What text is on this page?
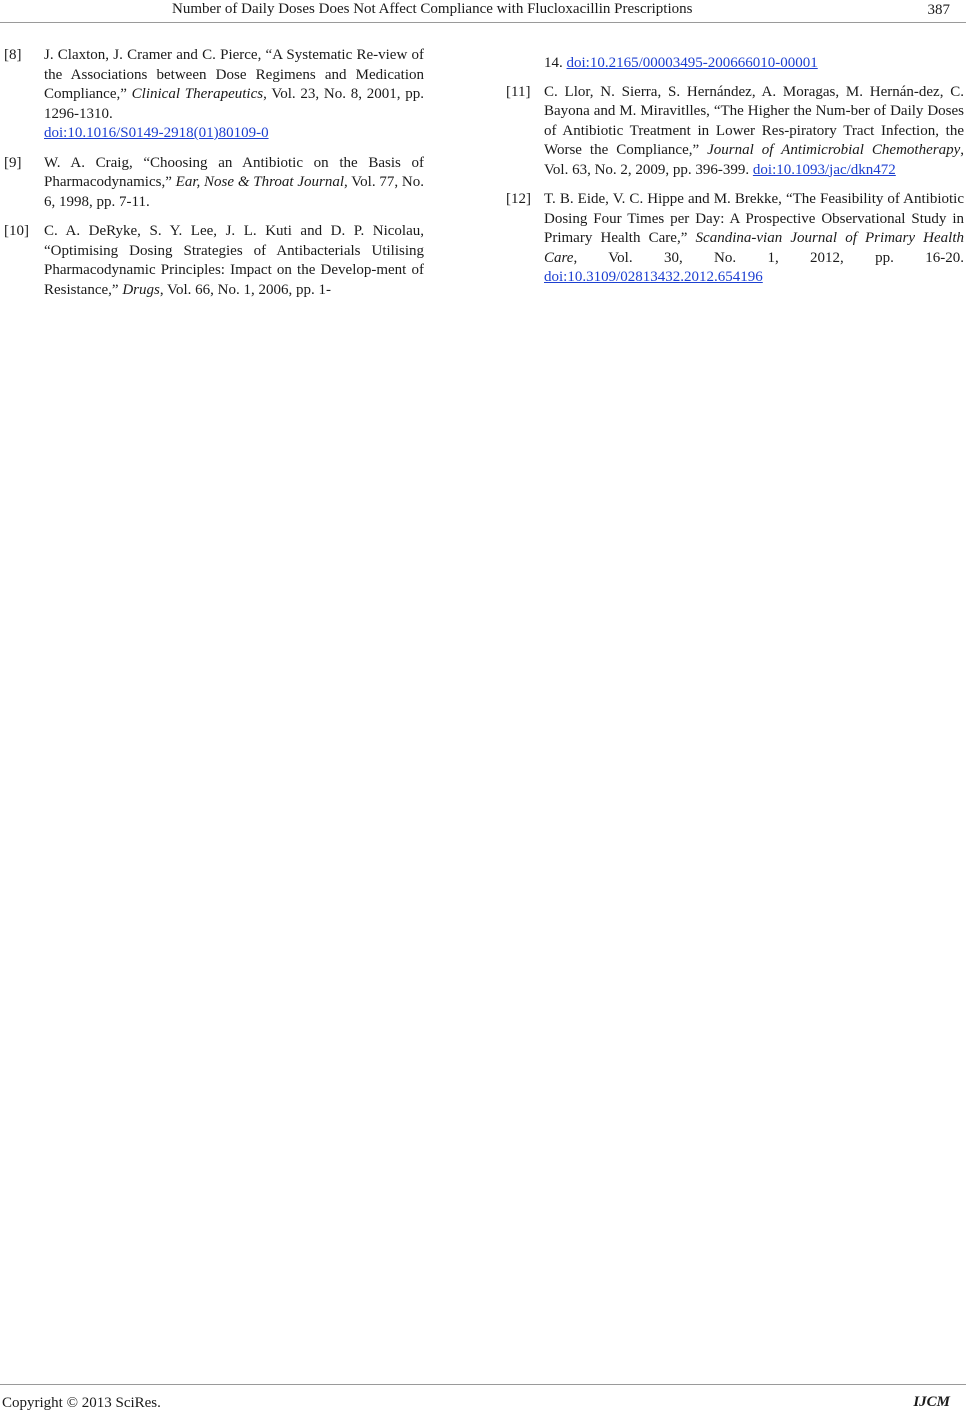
Number of Daily Doses Does Not Affect Compliance with Flucloxacillin Prescriptions	387
[8] J. Claxton, J. Cramer and C. Pierce, “A Systematic Re-view of the Associations between Dose Regimens and Medication Compliance,” Clinical Therapeutics, Vol. 23, No. 8, 2001, pp. 1296-1310.
doi:10.1016/S0149-2918(01)80109-0
[9] W. A. Craig, “Choosing an Antibiotic on the Basis of Pharmacodynamics,” Ear, Nose & Throat Journal, Vol. 77, No. 6, 1998, pp. 7-11.
[10] C. A. DeRyke, S. Y. Lee, J. L. Kuti and D. P. Nicolau, “Optimising Dosing Strategies of Antibacterials Utilising Pharmacodynamic Principles: Impact on the Develop-ment of Resistance,” Drugs, Vol. 66, No. 1, 2006, pp. 1-
14. doi:10.2165/00003495-200666010-00001
[11] C. Llor, N. Sierra, S. Hernández, A. Moragas, M. Hernán-dez, C. Bayona and M. Miravitlles, “The Higher the Num-ber of Daily Doses of Antibiotic Treatment in Lower Res-piratory Tract Infection, the Worse the Compliance,” Journal of Antimicrobial Chemotherapy, Vol. 63, No. 2, 2009, pp. 396-399. doi:10.1093/jac/dkn472
[12] T. B. Eide, V. C. Hippe and M. Brekke, “The Feasibility of Antibiotic Dosing Four Times per Day: A Prospective Observational Study in Primary Health Care,” Scandina-vian Journal of Primary Health Care, Vol. 30, No. 1, 2012, pp. 16-20. doi:10.3109/02813432.2012.654196
Copyright © 2013 SciRes.	IJCM
